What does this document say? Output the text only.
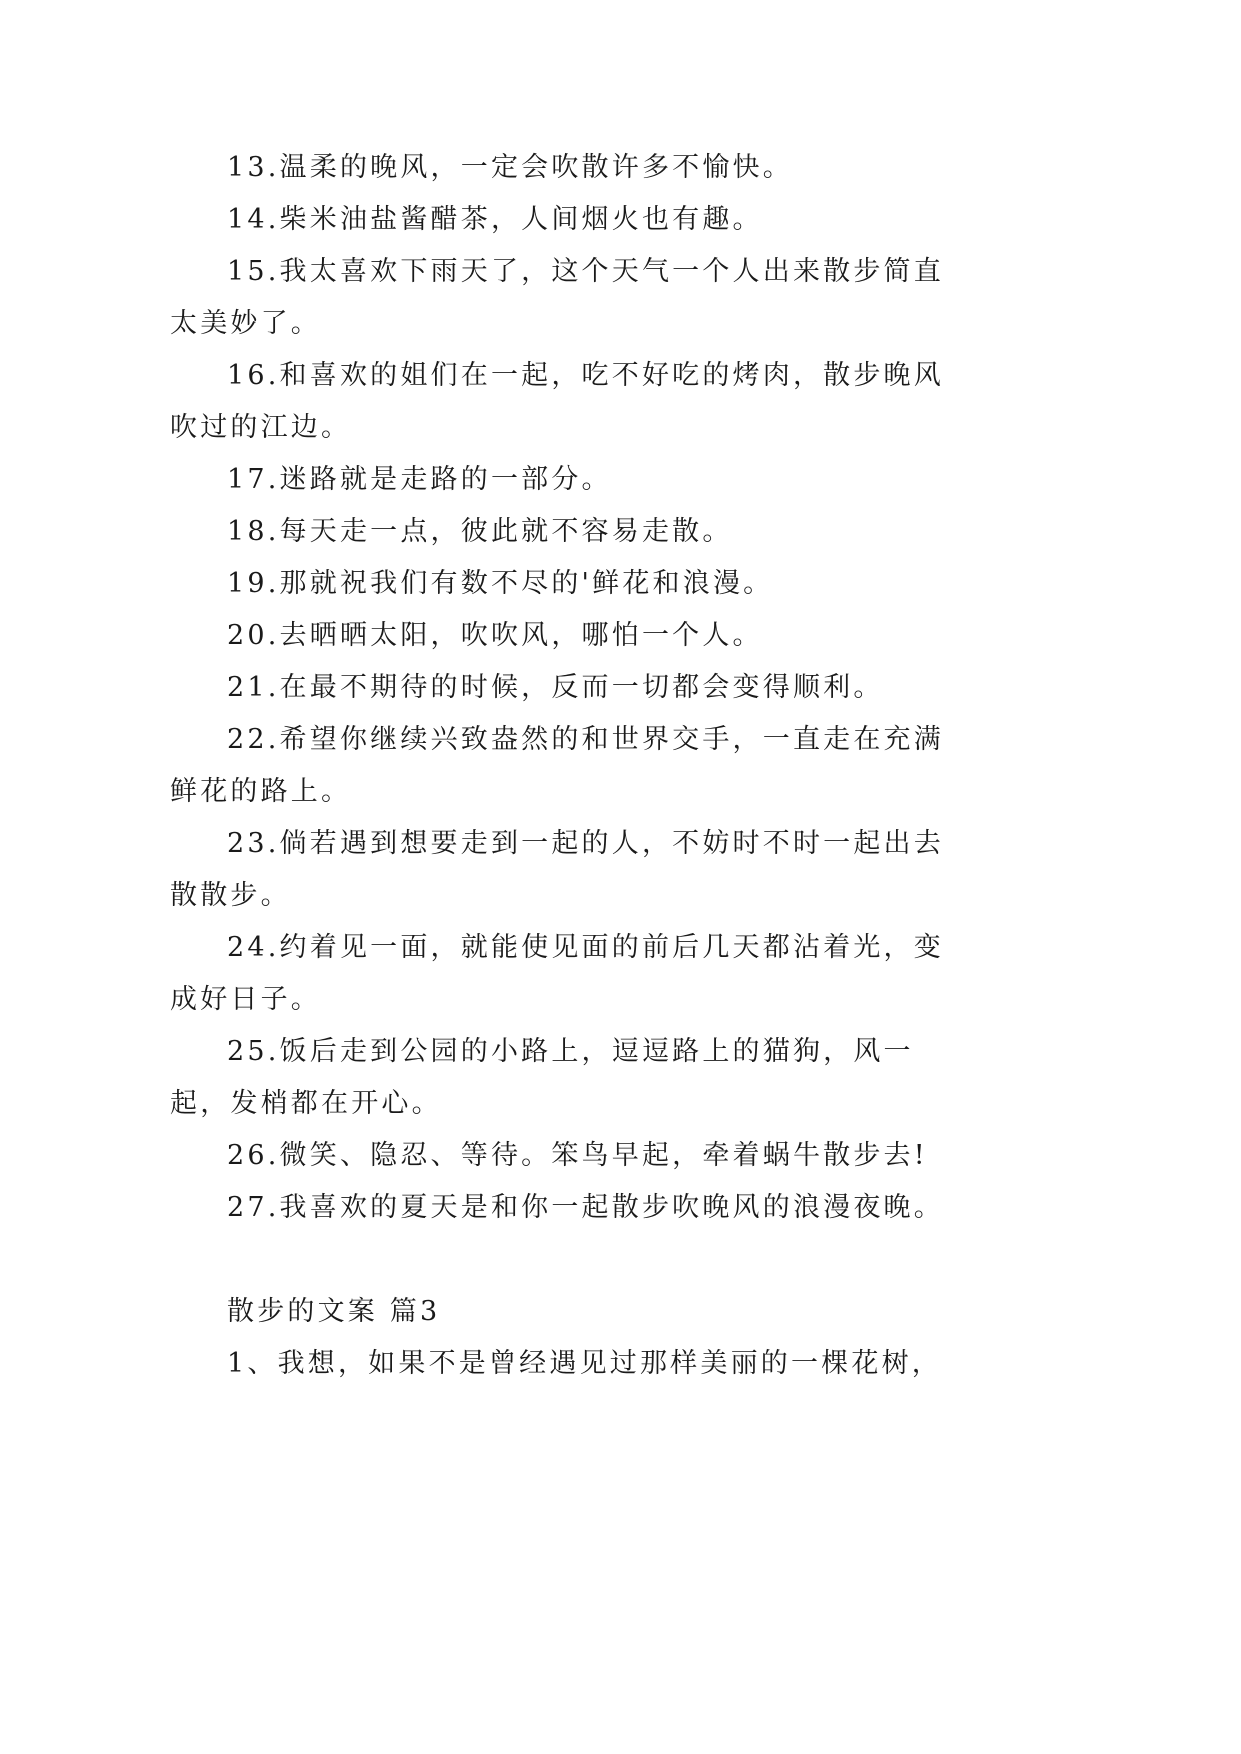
13.温柔的晚风，一定会吹散许多不愉快。

14.柴米油盐酱醋茶，人间烟火也有趣。

15.我太喜欢下雨天了，这个天气一个人出来散步简直太美妙了。

16.和喜欢的姐们在一起，吃不好吃的烤肉，散步晚风吹过的江边。

17.迷路就是走路的一部分。

18.每天走一点，彼此就不容易走散。

19.那就祝我们有数不尽的'鲜花和浪漫。

20.去晒晒太阳，吹吹风，哪怕一个人。

21.在最不期待的时候，反而一切都会变得顺利。

22.希望你继续兴致盎然的和世界交手，一直走在充满鲜花的路上。

23.倘若遇到想要走到一起的人，不妨时不时一起出去散散步。

24.约着见一面，就能使见面的前后几天都沾着光，变成好日子。

25.饭后走到公园的小路上，逗逗路上的猫狗，风一起，发梢都在开心。

26.微笑、隐忍、等待。笨鸟早起，牵着蜗牛散步去!

27.我喜欢的夏天是和你一起散步吹晚风的浪漫夜晚。

散步的文案 篇3

1、我想，如果不是曾经遇见过那样美丽的一棵花树，
